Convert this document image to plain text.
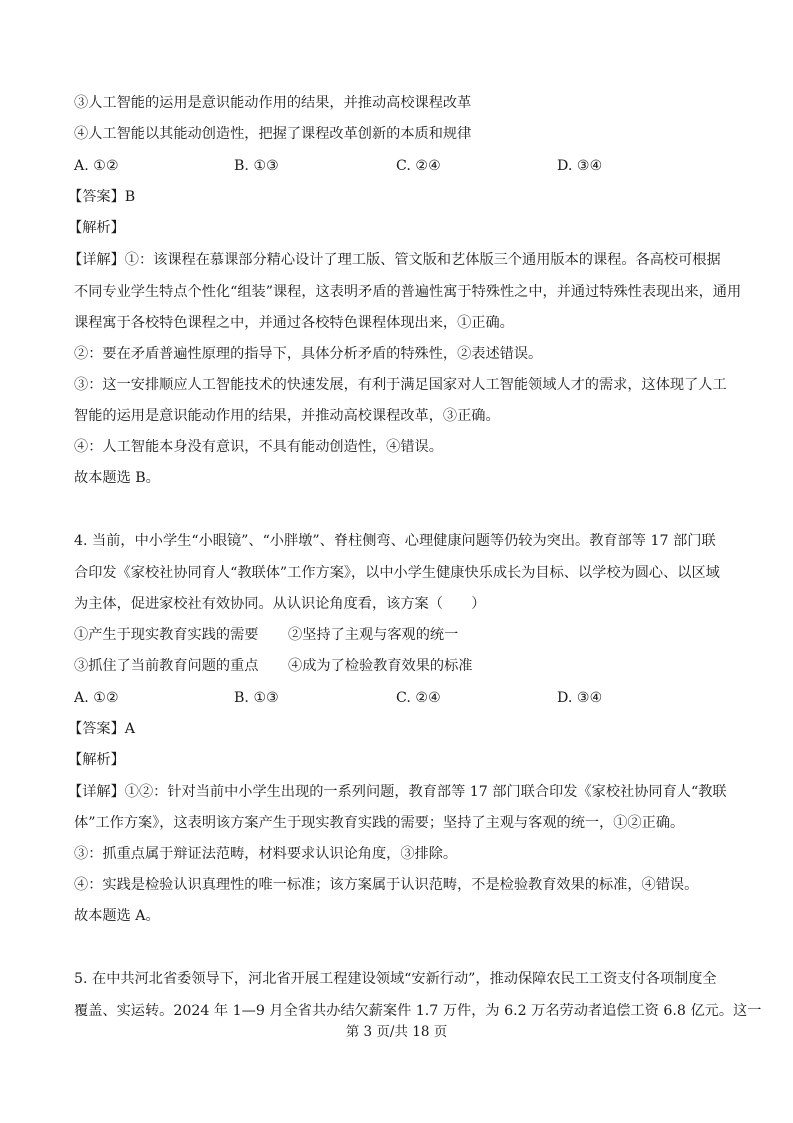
③人工智能的运用是意识能动作用的结果，并推动高校课程改革
④人工智能以其能动创造性，把握了课程改革创新的本质和规律
A. ①②	B. ①③	C. ②④	D. ③④
【答案】B
【解析】
【详解】①：该课程在慕课部分精心设计了理工版、管文版和艺体版三个通用版本的课程。各高校可根据
不同专业学生特点个性化“组装”课程，这表明矛盾的普遍性寓于特殊性之中，并通过特殊性表现出来，通用
课程寓于各校特色课程之中，并通过各校特色课程体现出来，①正确。
②：要在矛盾普遍性原理的指导下，具体分析矛盾的特殊性，②表述错误。
③：这一安排顺应人工智能技术的快速发展，有利于满足国家对人工智能领域人才的需求，这体现了人工
智能的运用是意识能动作用的结果，并推动高校课程改革，③正确。
④：人工智能本身没有意识，不具有能动创造性，④错误。
故本题选 B。
4. 当前，中小学生“小眼镜”、“小胖墩”、脊柱侧弯、心理健康问题等仍较为突出。教育部等 17 部门联
合印发《家校社协同育人“教联体”工作方案》，以中小学生健康快乐成长为目标、以学校为圆心、以区域
为主体，促进家校社有效协同。从认识论角度看，该方案（　　）
①产生于现实教育实践的需要 ②坚持了主观与客观的统一
③抓住了当前教育问题的重点 ④成为了检验教育效果的标准
A. ①②	B. ①③	C. ②④	D. ③④
【答案】A
【解析】
【详解】①②：针对当前中小学生出现的一系列问题，教育部等 17 部门联合印发《家校社协同育人“教联
体”工作方案》，这表明该方案产生于现实教育实践的需要；坚持了主观与客观的统一，①②正确。
③：抓重点属于辩证法范畴，材料要求认识论角度，③排除。
④：实践是检验认识真理性的唯一标准；该方案属于认识范畴，不是检验教育效果的标准，④错误。
故本题选 A。
5. 在中共河北省委领导下，河北省开展工程建设领域“安新行动”，推动保障农民工工资支付各项制度全
覆盖、实运转。2024 年 1—9 月全省共办结欠薪案件 1.7 万件，为 6.2 万名劳动者追偿工资 6.8 亿元。这一
第 3 页/共 18 页
